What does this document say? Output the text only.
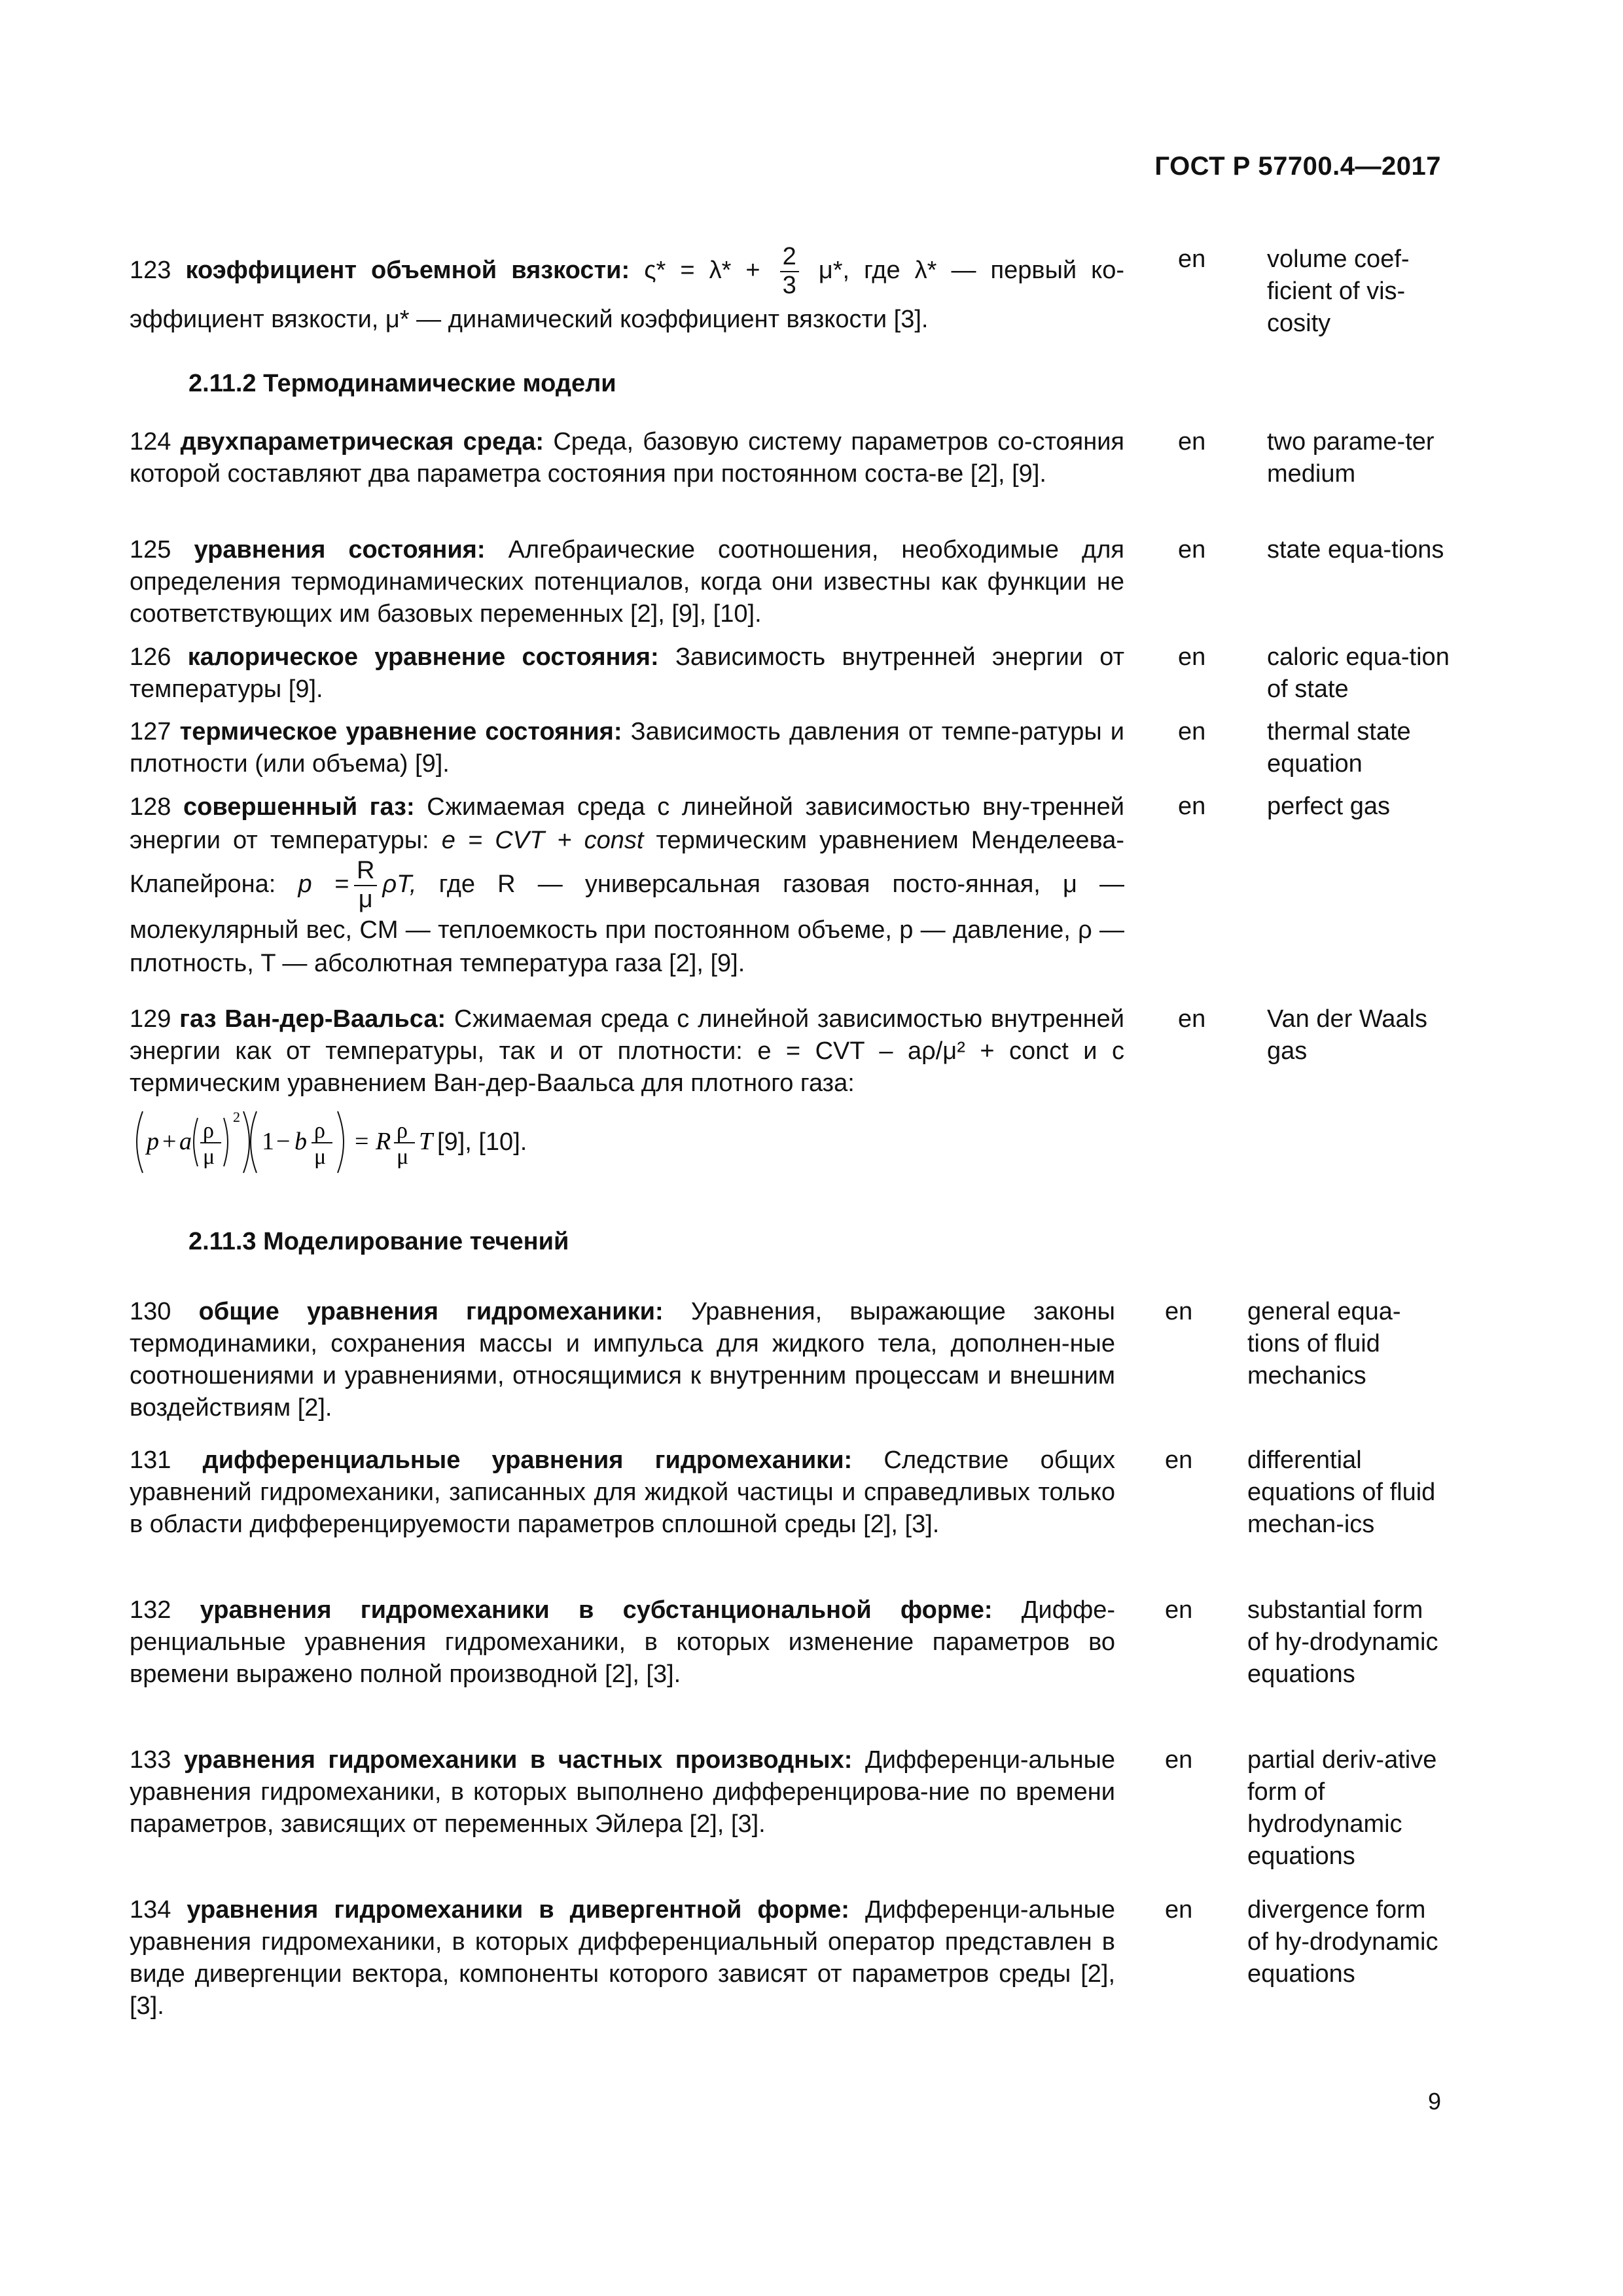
ГОСТ Р 57700.4—2017
123 коэффициент объемной вязкости: $\varsigma* = \lambda* + \frac{2}{3} \mu*$, где λ* — первый ко-эффициент вязкости, μ* — динамический коэффициент вязкости [3].
en volume coef-ficient of vis-cosity
2.11.2 Термодинамические модели
124 двухпараметрическая среда: Среда, базовую систему параметров со-стояния которой составляют два параметра состояния при постоянном соста-ве [2], [9].
en two parame-ter medium
125 уравнения состояния: Алгебраические соотношения, необходимые для определения термодинамических потенциалов, когда они известны как функции не соответствующих им базовых переменных [2], [9], [10].
en state equa-tions
126 калорическое уравнение состояния: Зависимость внутренней энергии от температуры [9].
en caloric equa-tion of state
127 термическое уравнение состояния: Зависимость давления от темпе-ратуры и плотности (или объема) [9].
en thermal state equation
128 совершенный газ: Сжимаемая среда с линейной зависимостью вну-тренней энергии от температуры: e = CVT + const термическим уравнением Менделеева-Клапейрона: $p = \frac{R}{\mu} \rho T$, где R — универсальная газовая посто-янная, μ — молекулярный вес, CM — теплоемкость при постоянном объеме, p — давление, ρ — плотность, T — абсолютная температура газа [2], [9].
en perfect gas
129 газ Ван-дер-Ваальса: Сжимаемая среда с линейной зависимостью внутренней энергии как от температуры, так и от плотности: e = CVT – aρ/μ² + conct и с термическим уравнением Ван-дер-Ваальса для плотного газа:
p + a ρ
μ
2
1 − b ρ
μ
= R ρ
μ
T [9], [10].
en Van der Waals gas
2.11.3 Моделирование течений
130 общие уравнения гидромеханики: Уравнения, выражающие законы термодинамики, сохранения массы и импульса для жидкого тела, дополнен-ные соотношениями и уравнениями, относящимися к внутренним процессам и внешним воздействиям [2].
en general equa-tions of fluid mechanics
131 дифференциальные уравнения гидромеханики: Следствие общих уравнений гидромеханики, записанных для жидкой частицы и справедливых только в области дифференцируемости параметров сплошной среды [2], [3].
en differential equations of fluid mechan-ics
132 уравнения гидромеханики в субстанциональной форме: Диффе-ренциальные уравнения гидромеханики, в которых изменение параметров во времени выражено полной производной [2], [3].
en substantial form of hy-drodynamic equations
133 уравнения гидромеханики в частных производных: Дифференци-альные уравнения гидромеханики, в которых выполнено дифференцирова-ние по времени параметров, зависящих от переменных Эйлера [2], [3].
en partial deriv-ative form of hydrodynamic equations
134 уравнения гидромеханики в дивергентной форме: Дифференци-альные уравнения гидромеханики, в которых дифференциальный оператор представлен в виде дивергенции вектора, компоненты которого зависят от параметров среды [2], [3].
en divergence form of hy-drodynamic equations
9
